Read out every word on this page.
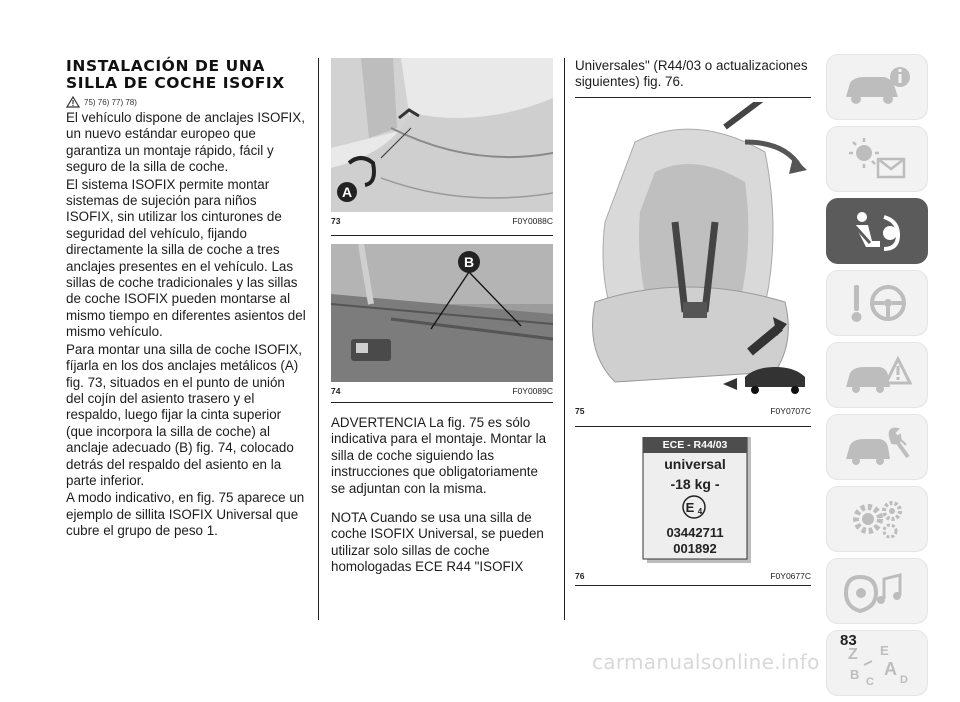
INSTALACIÓN DE UNA
SILLA DE COCHE ISOFIX
75) 76) 77) 78)

El vehículo dispone de anclajes ISOFIX, un nuevo estándar europeo que garantiza un montaje rápido, fácil y seguro de la silla de coche.

El sistema ISOFIX permite montar sistemas de sujeción para niños ISOFIX, sin utilizar los cinturones de seguridad del vehículo, fijando directamente la silla de coche a tres anclajes presentes en el vehículo. Las sillas de coche tradicionales y las sillas de coche ISOFIX pueden montarse al mismo tiempo en diferentes asientos del mismo vehículo.

Para montar una silla de coche ISOFIX, fíjarla en los dos anclajes metálicos (A) fig. 73, situados en el punto de unión del cojín del asiento trasero y el respaldo, luego fijar la cinta superior (que incorpora la silla de coche) al anclaje adecuado (B) fig. 74, colocado detrás del respaldo del asiento en la parte inferior.

A modo indicativo, en fig. 75 aparece un ejemplo de sillita ISOFIX Universal que cubre el grupo de peso 1.

A
73	F0Y0088C
B
74	F0Y0089C

ADVERTENCIA La fig. 75 es sólo indicativa para el montaje. Montar la silla de coche siguiendo las instrucciones que obligatoriamente se adjuntan con la misma.

NOTA Cuando se usa una silla de coche ISOFIX Universal, se pueden utilizar solo sillas de coche homologadas ECE R44 "ISOFIX

Universales" (R44/03 o actualizaciones siguientes) fig. 76.

75	F0Y0707C
ECE - R44/03
universal
-18 kg -
E 4
03442711
001892
76	F0Y0677C
Z E
B A
C D
83
carmanualsonline.info
